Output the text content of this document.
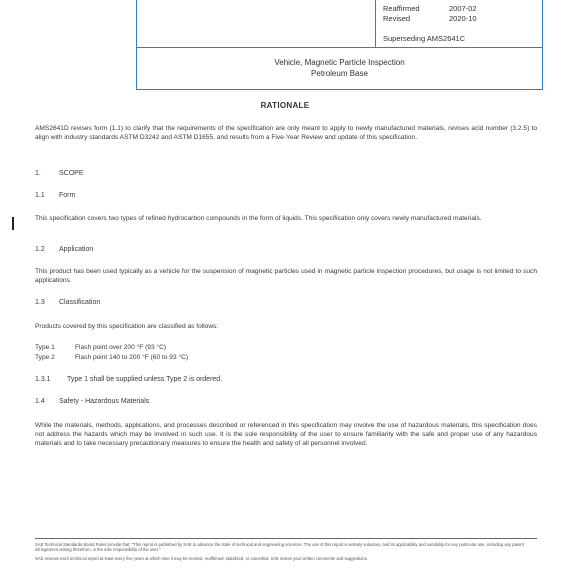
Reaffirmed	2007-02
Revised	2020-10
Superseding AMS2641C
Vehicle, Magnetic Particle Inspection
Petroleum Base
RATIONALE
AMS2641D revises form (1.1) to clarify that the requirements of the specification are only meant to apply to newly manufactured materials, revises acid number (3.2.5) to align with industry standards ASTM D3242 and ASTM D1655, and results from a Five-Year Review and update of this specification.
1.	SCOPE
1.1 Form
This specification covers two types of refined hydrocarbon compounds in the form of liquids. This specification only covers newly manufactured materials.
1.2 Application
This product has been used typically as a vehicle for the suspension of magnetic particles used in magnetic particle inspection procedures, but usage is not limited to such applications.
1.3 Classification
Products covered by this specification are classified as follows:
Type 1	Flash point over 200 °F (93 °C)
Type 2	Flash point 140 to 200 °F (60 to 93 °C)
1.3.1 Type 1 shall be supplied unless Type 2 is ordered.
1.4 Safety - Hazardous Materials
While the materials, methods, applications, and processes described or referenced in this specification may involve the use of hazardous materials, this specification does not address the hazards which may be involved in such use. It is the sole responsibility of the user to ensure familiarity with the safe and proper use of any hazardous materials and to take necessary precautionary measures to ensure the health and safety of all personnel involved.
SAE Technical Standards Board Rules provide that: "This report is published by SAE to advance the state of technical and engineering sciences. The use of this report is entirely voluntary, and its applicability and suitability for any particular use, including any patent infringement arising therefrom, is the sole responsibility of the user."
SAE reviews each technical report at least every five years at which time it may be revised, reaffirmed, stabilized, or cancelled. SAE invites your written comments and suggestions.
